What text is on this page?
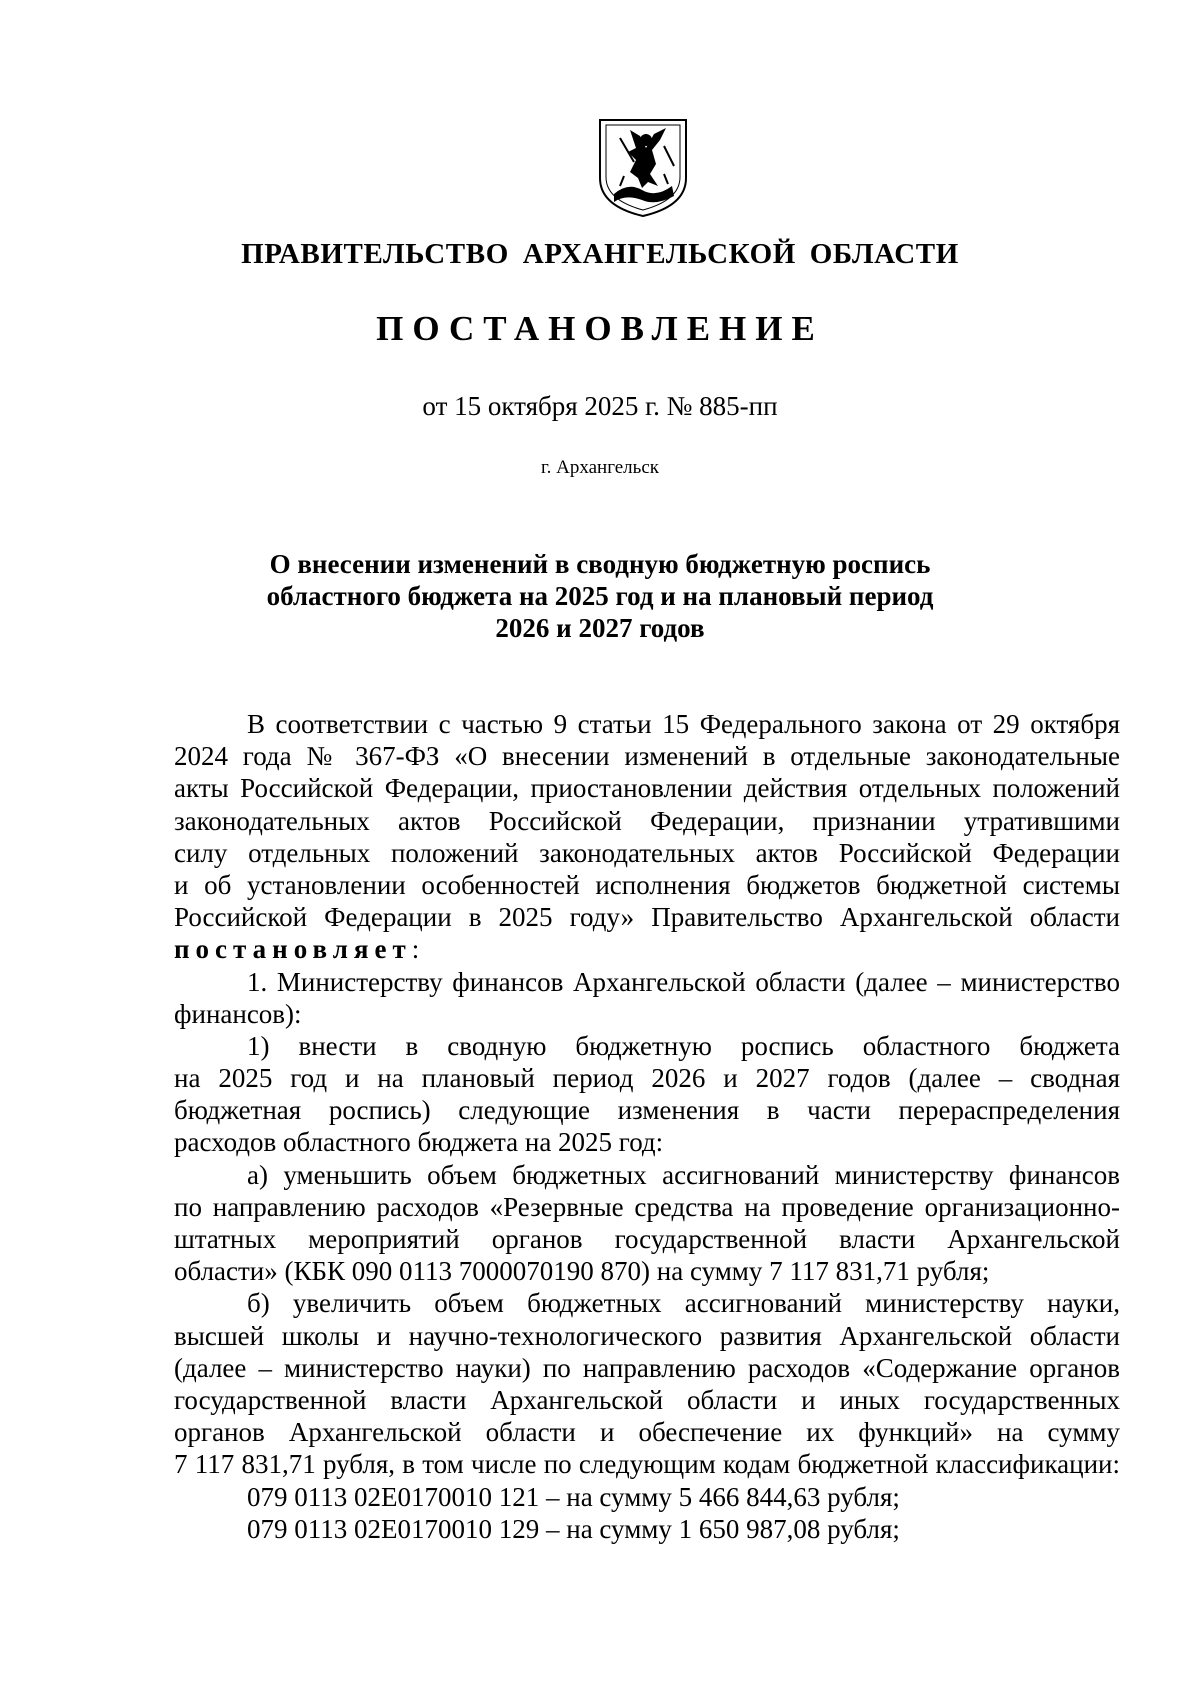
ПРАВИТЕЛЬСТВО АРХАНГЕЛЬСКОЙ ОБЛАСТИ
ПОСТАНОВЛЕНИЕ
от 15 октября 2025 г. № 885-пп
г. Архангельск
О внесении изменений в сводную бюджетную роспись
областного бюджета на 2025 год и на плановый период
2026 и 2027 годов
В соответствии с частью 9 статьи 15 Федерального закона от 29 октября
2024 года № 367-ФЗ «О внесении изменений в отдельные законодательные
акты Российской Федерации, приостановлении действия отдельных положений
законодательных актов Российской Федерации, признании утратившими
силу отдельных положений законодательных актов Российской Федерации
и об установлении особенностей исполнения бюджетов бюджетной системы
Российской Федерации в 2025 году» Правительство Архангельской области
постановляет:
1. Министерству финансов Архангельской области (далее – министерство
финансов):
1) внести в сводную бюджетную роспись областного бюджета
на 2025 год и на плановый период 2026 и 2027 годов (далее – сводная
бюджетная роспись) следующие изменения в части перераспределения
расходов областного бюджета на 2025 год:
а) уменьшить объем бюджетных ассигнований министерству финансов
по направлению расходов «Резервные средства на проведение организационно-
штатных мероприятий органов государственной власти Архангельской
области» (КБК 090 0113 7000070190 870) на сумму 7 117 831,71 рубля;
б) увеличить объем бюджетных ассигнований министерству науки,
высшей школы и научно-технологического развития Архангельской области
(далее – министерство науки) по направлению расходов «Содержание органов
государственной власти Архангельской области и иных государственных
органов Архангельской области и обеспечение их функций» на сумму
7 117 831,71 рубля, в том числе по следующим кодам бюджетной классификации:
079 0113 02Е0170010 121 – на сумму 5 466 844,63 рубля;
079 0113 02Е0170010 129 – на сумму 1 650 987,08 рубля;
